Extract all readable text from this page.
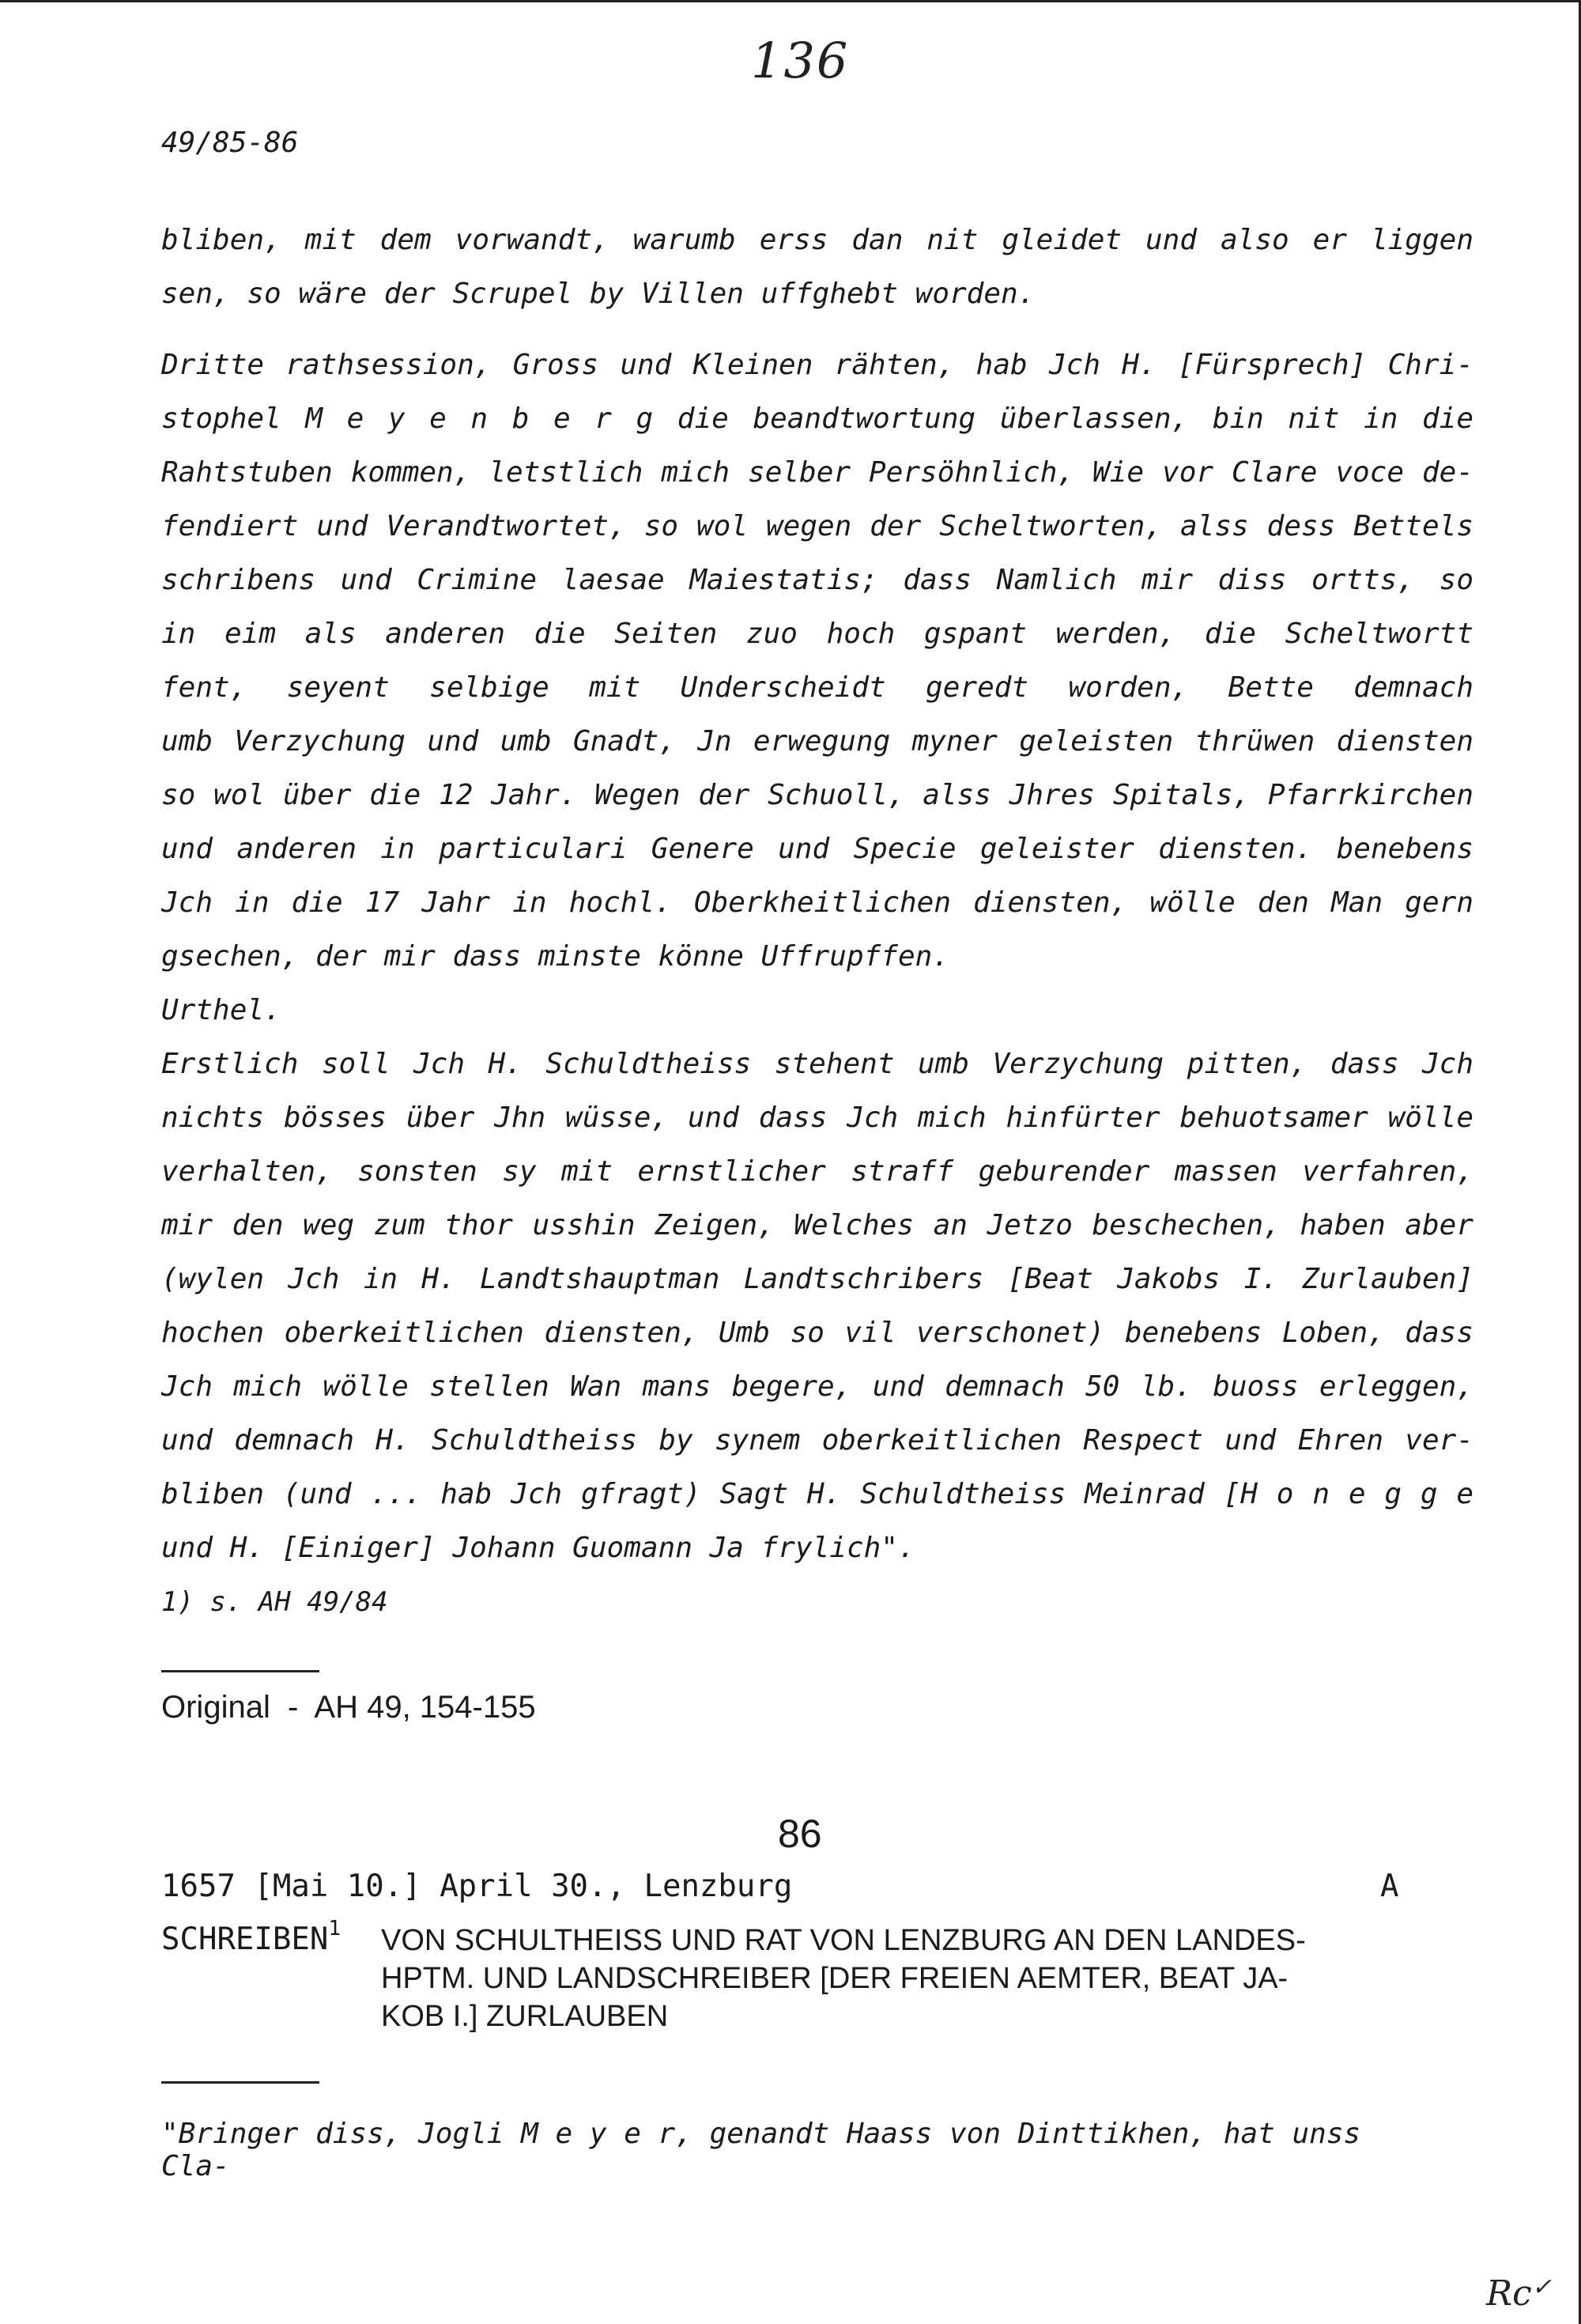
136
49/85-86
bliben, mit dem vorwandt, warumb erss dan nit gleidet und also er liggen
sen, so wäre der Scrupel by Villen uffghebt worden.
Dritte rathsession, Gross und Kleinen rähten, hab Jch H. [Fürsprech] Chri-
stophel M e y e n b e r g die beandtwortung überlassen, bin nit in die
Rahtstuben kommen, letstlich mich selber Persöhnlich, Wie vor Clare voce de-
fendiert und Verandtwortet, so wol wegen der Scheltworten, alss dess Bettels
schribens und Crimine laesae Maiestatis; dass Namlich mir diss ortts, so
in eim als anderen die Seiten zuo hoch gspant werden, die Scheltwortt
fent, seyent selbige mit Underscheidt geredt worden, Bette demnach
umb Verzychung und umb Gnadt, Jn erwegung myner geleisten thrüwen diensten
so wol über die 12 Jahr. Wegen der Schuoll, alss Jhres Spitals, Pfarrkirchen
und anderen in particulari Genere und Specie geleister diensten. benebens
Jch in die 17 Jahr in hochl. Oberkheitlichen diensten, wölle den Man gern
gsechen, der mir dass minste könne Uffrupffen.
Urthel.
Erstlich soll Jch H. Schuldtheiss stehent umb Verzychung pitten, dass Jch
nichts bösses über Jhn wüsse, und dass Jch mich hinfürter behuotsamer wölle
verhalten, sonsten sy mit ernstlicher straff geburender massen verfahren,
mir den weg zum thor usshin Zeigen, Welches an Jetzo beschechen, haben aber
(wylen Jch in H. Landtshauptman Landtschribers [Beat Jakobs I. Zurlauben]
hochen oberkeitlichen diensten, Umb so vil verschonet) benebens Loben, dass
Jch mich wölle stellen Wan mans begere, und demnach 50 lb. buoss erleggen,
und demnach H. Schuldtheiss by synem oberkeitlichen Respect und Ehren ver-
bliben (und ... hab Jch gfragt) Sagt H. Schuldtheiss Meinrad [H o n e g g e
und H. [Einiger] Johann Guomann Ja frylich".
1) s. AH 49/84
Original  -  AH 49, 154-155
86
1657 [Mai 10.] April 30., Lenzburg	A
SCHREIBEN$^1$ VON SCHULTHEISS UND RAT VON LENZBURG AN DEN LANDES-
HPTM. UND LANDSCHREIBER [DER FREIEN AEMTER, BEAT JA-
KOB I.] ZURLAUBEN
"Bringer diss, Jogli M e y e r, genandt Haass von Dinttikhen, hat unss Cla-
Rc✓
